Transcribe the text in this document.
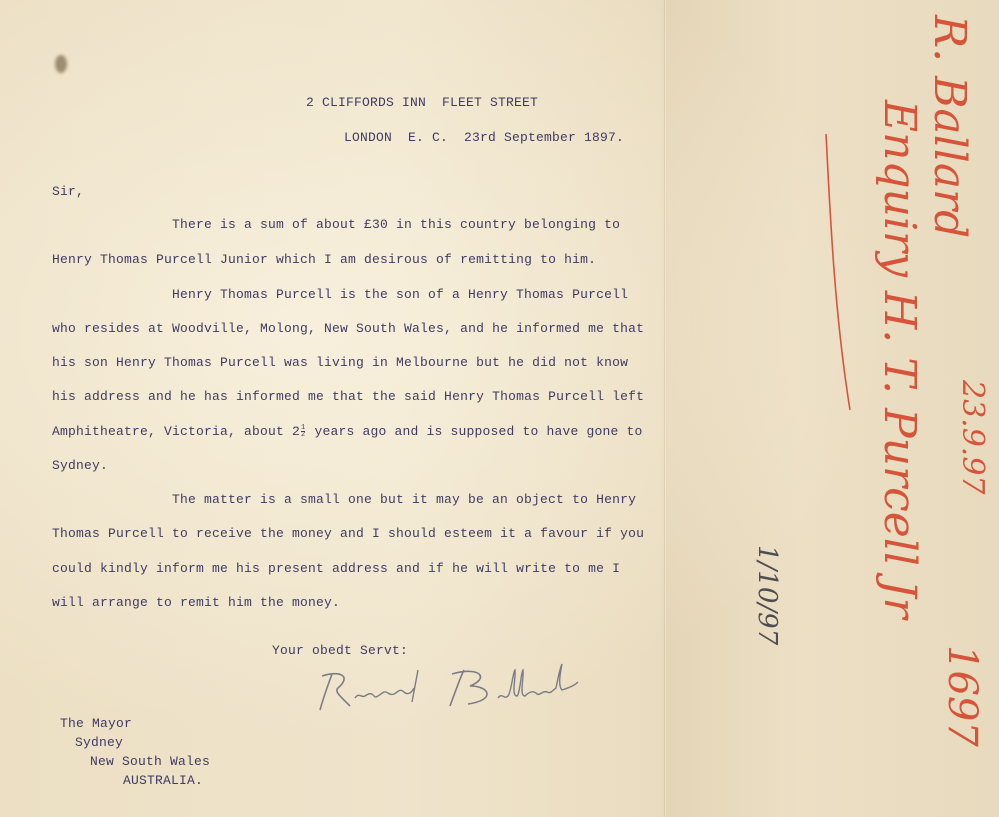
2 CLIFFORDS INN  FLEET STREET

LONDON  E. C.  23rd September 1897.

Sir,

There is a sum of about £30 in this country belonging to

Henry Thomas Purcell Junior which I am desirous of remitting to him.

Henry Thomas Purcell is the son of a Henry Thomas Purcell

who resides at Woodville, Molong, New South Wales, and he informed me that

his son Henry Thomas Purcell was living in Melbourne but he did not know

his address and he has informed me that the said Henry Thomas Purcell left

Amphitheatre, Victoria, about $2 \frac{1}{2}$ years ago and is supposed to have gone to

Sydney.

The matter is a small one but it may be an object to Henry

Thomas Purcell to receive the money and I should esteem it a favour if you

could kindly inform me his present address and if he will write to me I

will arrange to remit him the money.

Your obedt Servt:

The Mayor

Sydney

New South Wales

AUSTRALIA.

1/10/97

R. Ballard

Enquiry H. T. Purcell Jr 23.9.97

1697
